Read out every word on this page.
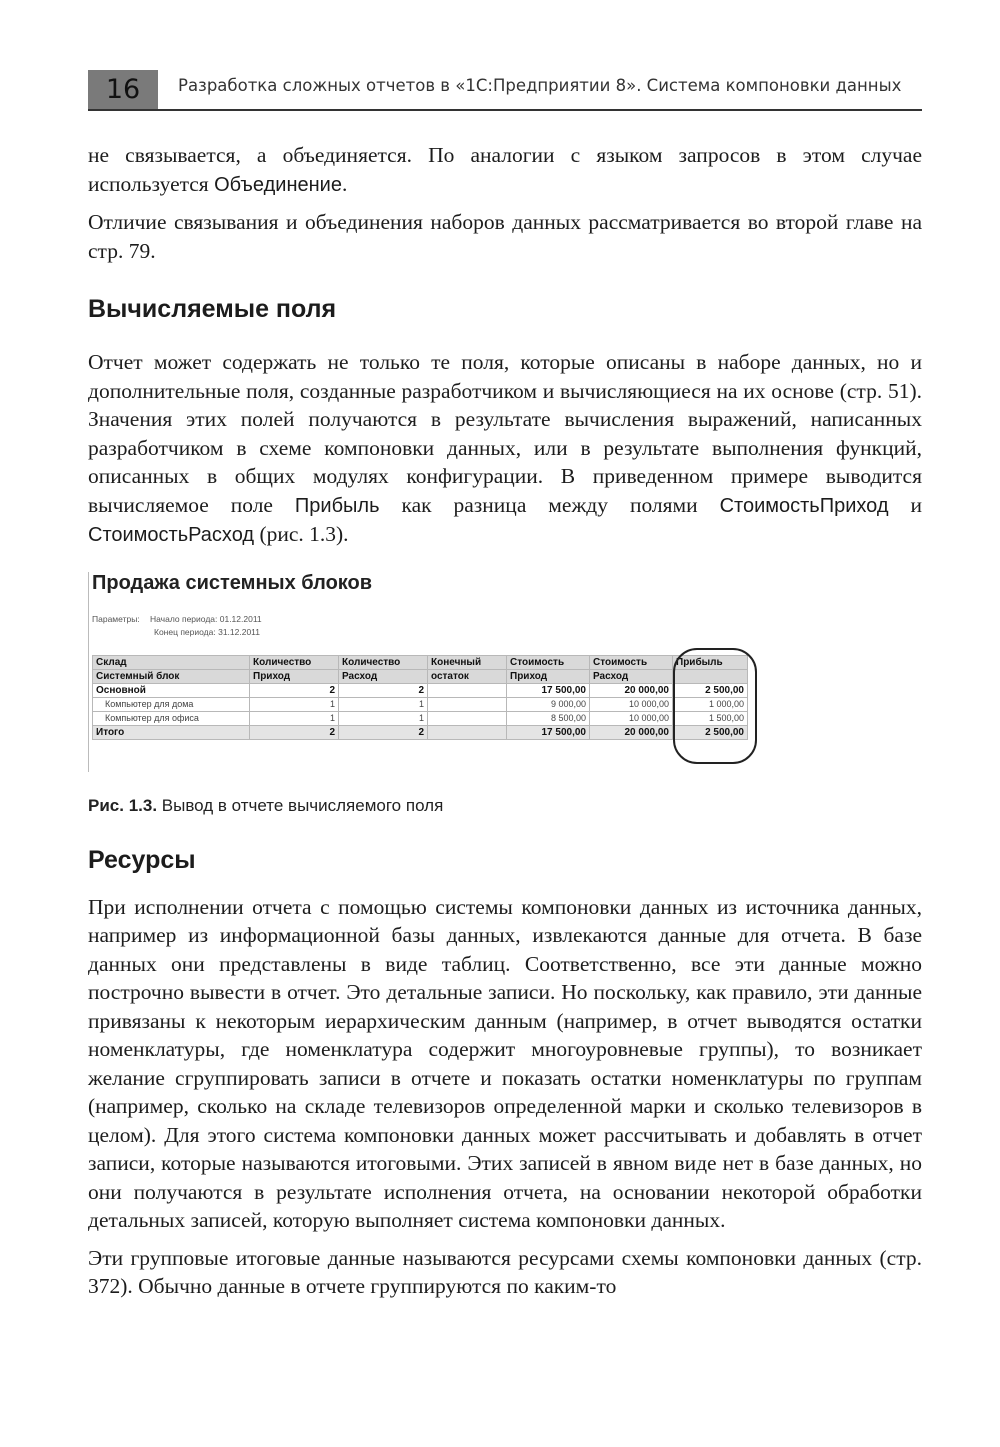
16	Разработка сложных отчетов в «1С:Предприятии 8». Система компоновки данных

не связывается, а объединяется. По аналогии с языком запросов в этом случае используется Объединение.

Отличие связывания и объединения наборов данных рассматривается во второй главе на стр. 79.

Вычисляемые поля

Отчет может содержать не только те поля, которые описаны в наборе данных, но и дополнительные поля, созданные разработчиком и вычисляющиеся на их основе (стр. 51). Значения этих полей получаются в результате вычисления выражений, написанных разработчиком в схеме компоновки данных, или в результате выполнения функций, описанных в общих модулях конфигурации. В приведенном примере выводится вычисляемое поле Прибыль как разница между полями СтоимостьПриход и СтоимостьРасход (рис. 1.3).

Продажа системных блоков
Параметры: Начало периода: 01.12.2011
Конец периода: 31.12.2011
Склад	Количество	Количество	Конечный	Стоимость	Стоимость	Прибыль
Системный блок	Приход	Расход	остаток	Приход	Расход	
Основной	2	2		17 500,00	20 000,00	2 500,00
Компьютер для дома	1	1		9 000,00	10 000,00	1 000,00
Компьютер для офиса	1	1		8 500,00	10 000,00	1 500,00
Итого	2	2		17 500,00	20 000,00	2 500,00
Рис. 1.3. Вывод в отчете вычисляемого поля
Ресурсы

При исполнении отчета с помощью системы компоновки данных из источника данных, например из информационной базы данных, извлекаются данные для отчета. В базе данных они представлены в виде таблиц. Соответственно, все эти данные можно построчно вывести в отчет. Это детальные записи. Но поскольку, как правило, эти данные привязаны к некоторым иерархическим данным (например, в отчет выводятся остатки номенклатуры, где номенклатура содержит многоуровневые группы), то возникает желание сгруппировать записи в отчете и показать остатки номенклатуры по группам (например, сколько на складе телевизоров определенной марки и сколько телевизоров в целом). Для этого система компоновки данных может рассчитывать и добавлять в отчет записи, которые называются итоговыми. Этих записей в явном виде нет в базе данных, но они получаются в результате исполнения отчета, на основании некоторой обработки детальных записей, которую выполняет система компоновки данных.

Эти групповые итоговые данные называются ресурсами схемы компоновки данных (стр. 372). Обычно данные в отчете группируются по каким-то
